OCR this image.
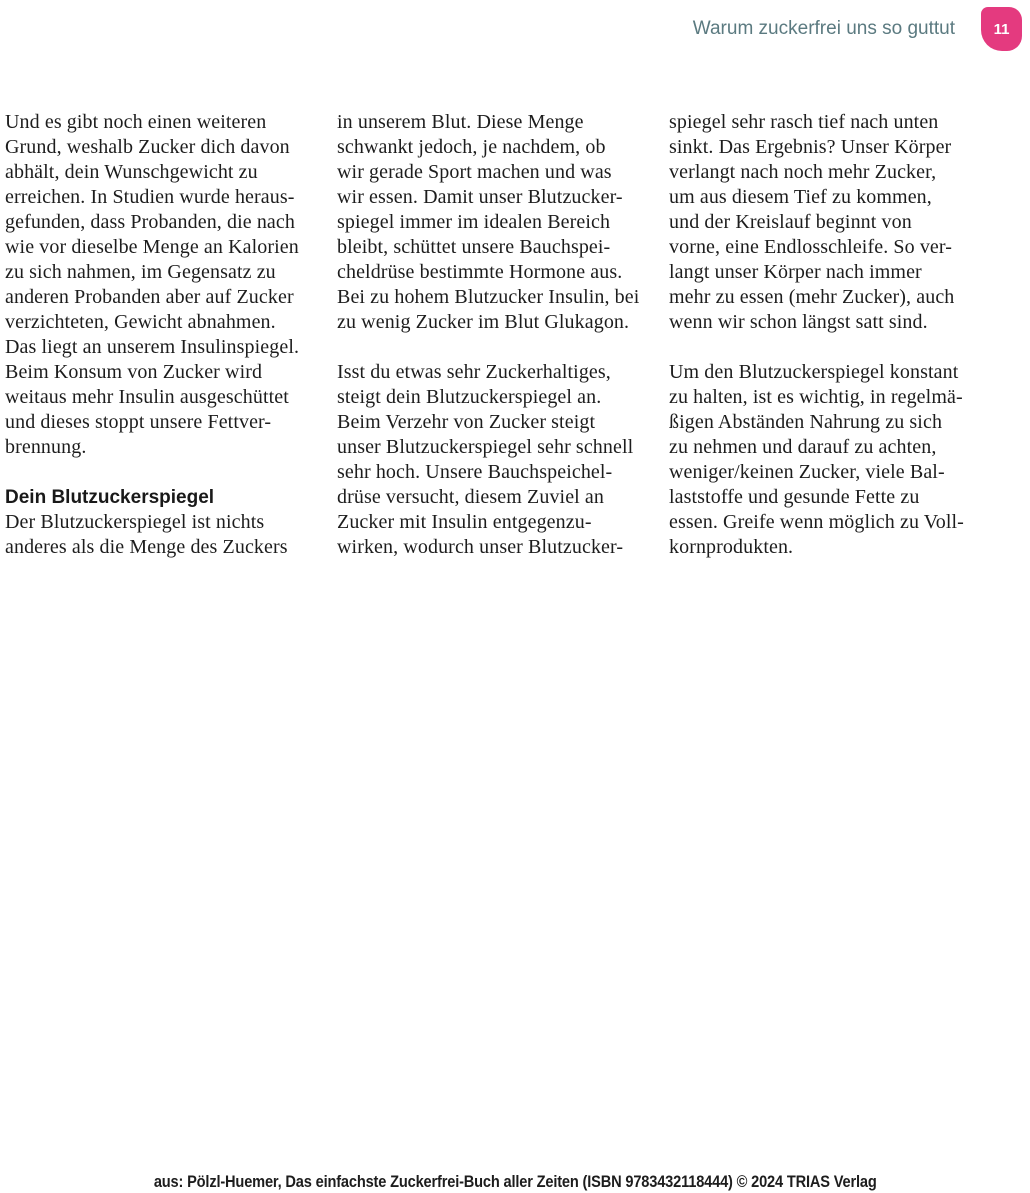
Warum zuckerfrei uns so guttut	11
Und es gibt noch einen weiteren
Grund, weshalb Zucker dich davon
abhält, dein Wunschgewicht zu
erreichen. In Studien wurde heraus-
gefunden, dass Probanden, die nach
wie vor dieselbe Menge an Kalorien
zu sich nahmen, im Gegensatz zu
anderen Probanden aber auf Zucker
verzichteten, Gewicht abnahmen.
Das liegt an unserem Insulinspiegel.
Beim Konsum von Zucker wird
weitaus mehr Insulin ausgeschüttet
und dieses stoppt unsere Fettver-
brennung.
Dein Blutzuckerspiegel
Der Blutzuckerspiegel ist nichts
anderes als die Menge des Zuckers
in unserem Blut. Diese Menge
schwankt jedoch, je nachdem, ob
wir gerade Sport machen und was
wir essen. Damit unser Blutzucker-
spiegel immer im idealen Bereich
bleibt, schüttet unsere Bauchspei-
cheldrüse bestimmte Hormone aus.
Bei zu hohem Blutzucker Insulin, bei
zu wenig Zucker im Blut Glukagon.
Isst du etwas sehr Zuckerhaltiges,
steigt dein Blutzuckerspiegel an.
Beim Verzehr von Zucker steigt
unser Blutzuckerspiegel sehr schnell
sehr hoch. Unsere Bauchspeichel-
drüse versucht, diesem Zuviel an
Zucker mit Insulin entgegenzu-
wirken, wodurch unser Blutzucker-
spiegel sehr rasch tief nach unten
sinkt. Das Ergebnis? Unser Körper
verlangt nach noch mehr Zucker,
um aus diesem Tief zu kommen,
und der Kreislauf beginnt von
vorne, eine Endlosschleife. So ver-
langt unser Körper nach immer
mehr zu essen (mehr Zucker), auch
wenn wir schon längst satt sind.
Um den Blutzuckerspiegel konstant
zu halten, ist es wichtig, in regelmä-
ßigen Abständen Nahrung zu sich
zu nehmen und darauf zu achten,
weniger/keinen Zucker, viele Bal-
laststoffe und gesunde Fette zu
essen. Greife wenn möglich zu Voll-
kornprodukten.
aus: Pölzl-Huemer, Das einfachste Zuckerfrei-Buch aller Zeiten (ISBN 9783432118444) © 2024 TRIAS Verlag
